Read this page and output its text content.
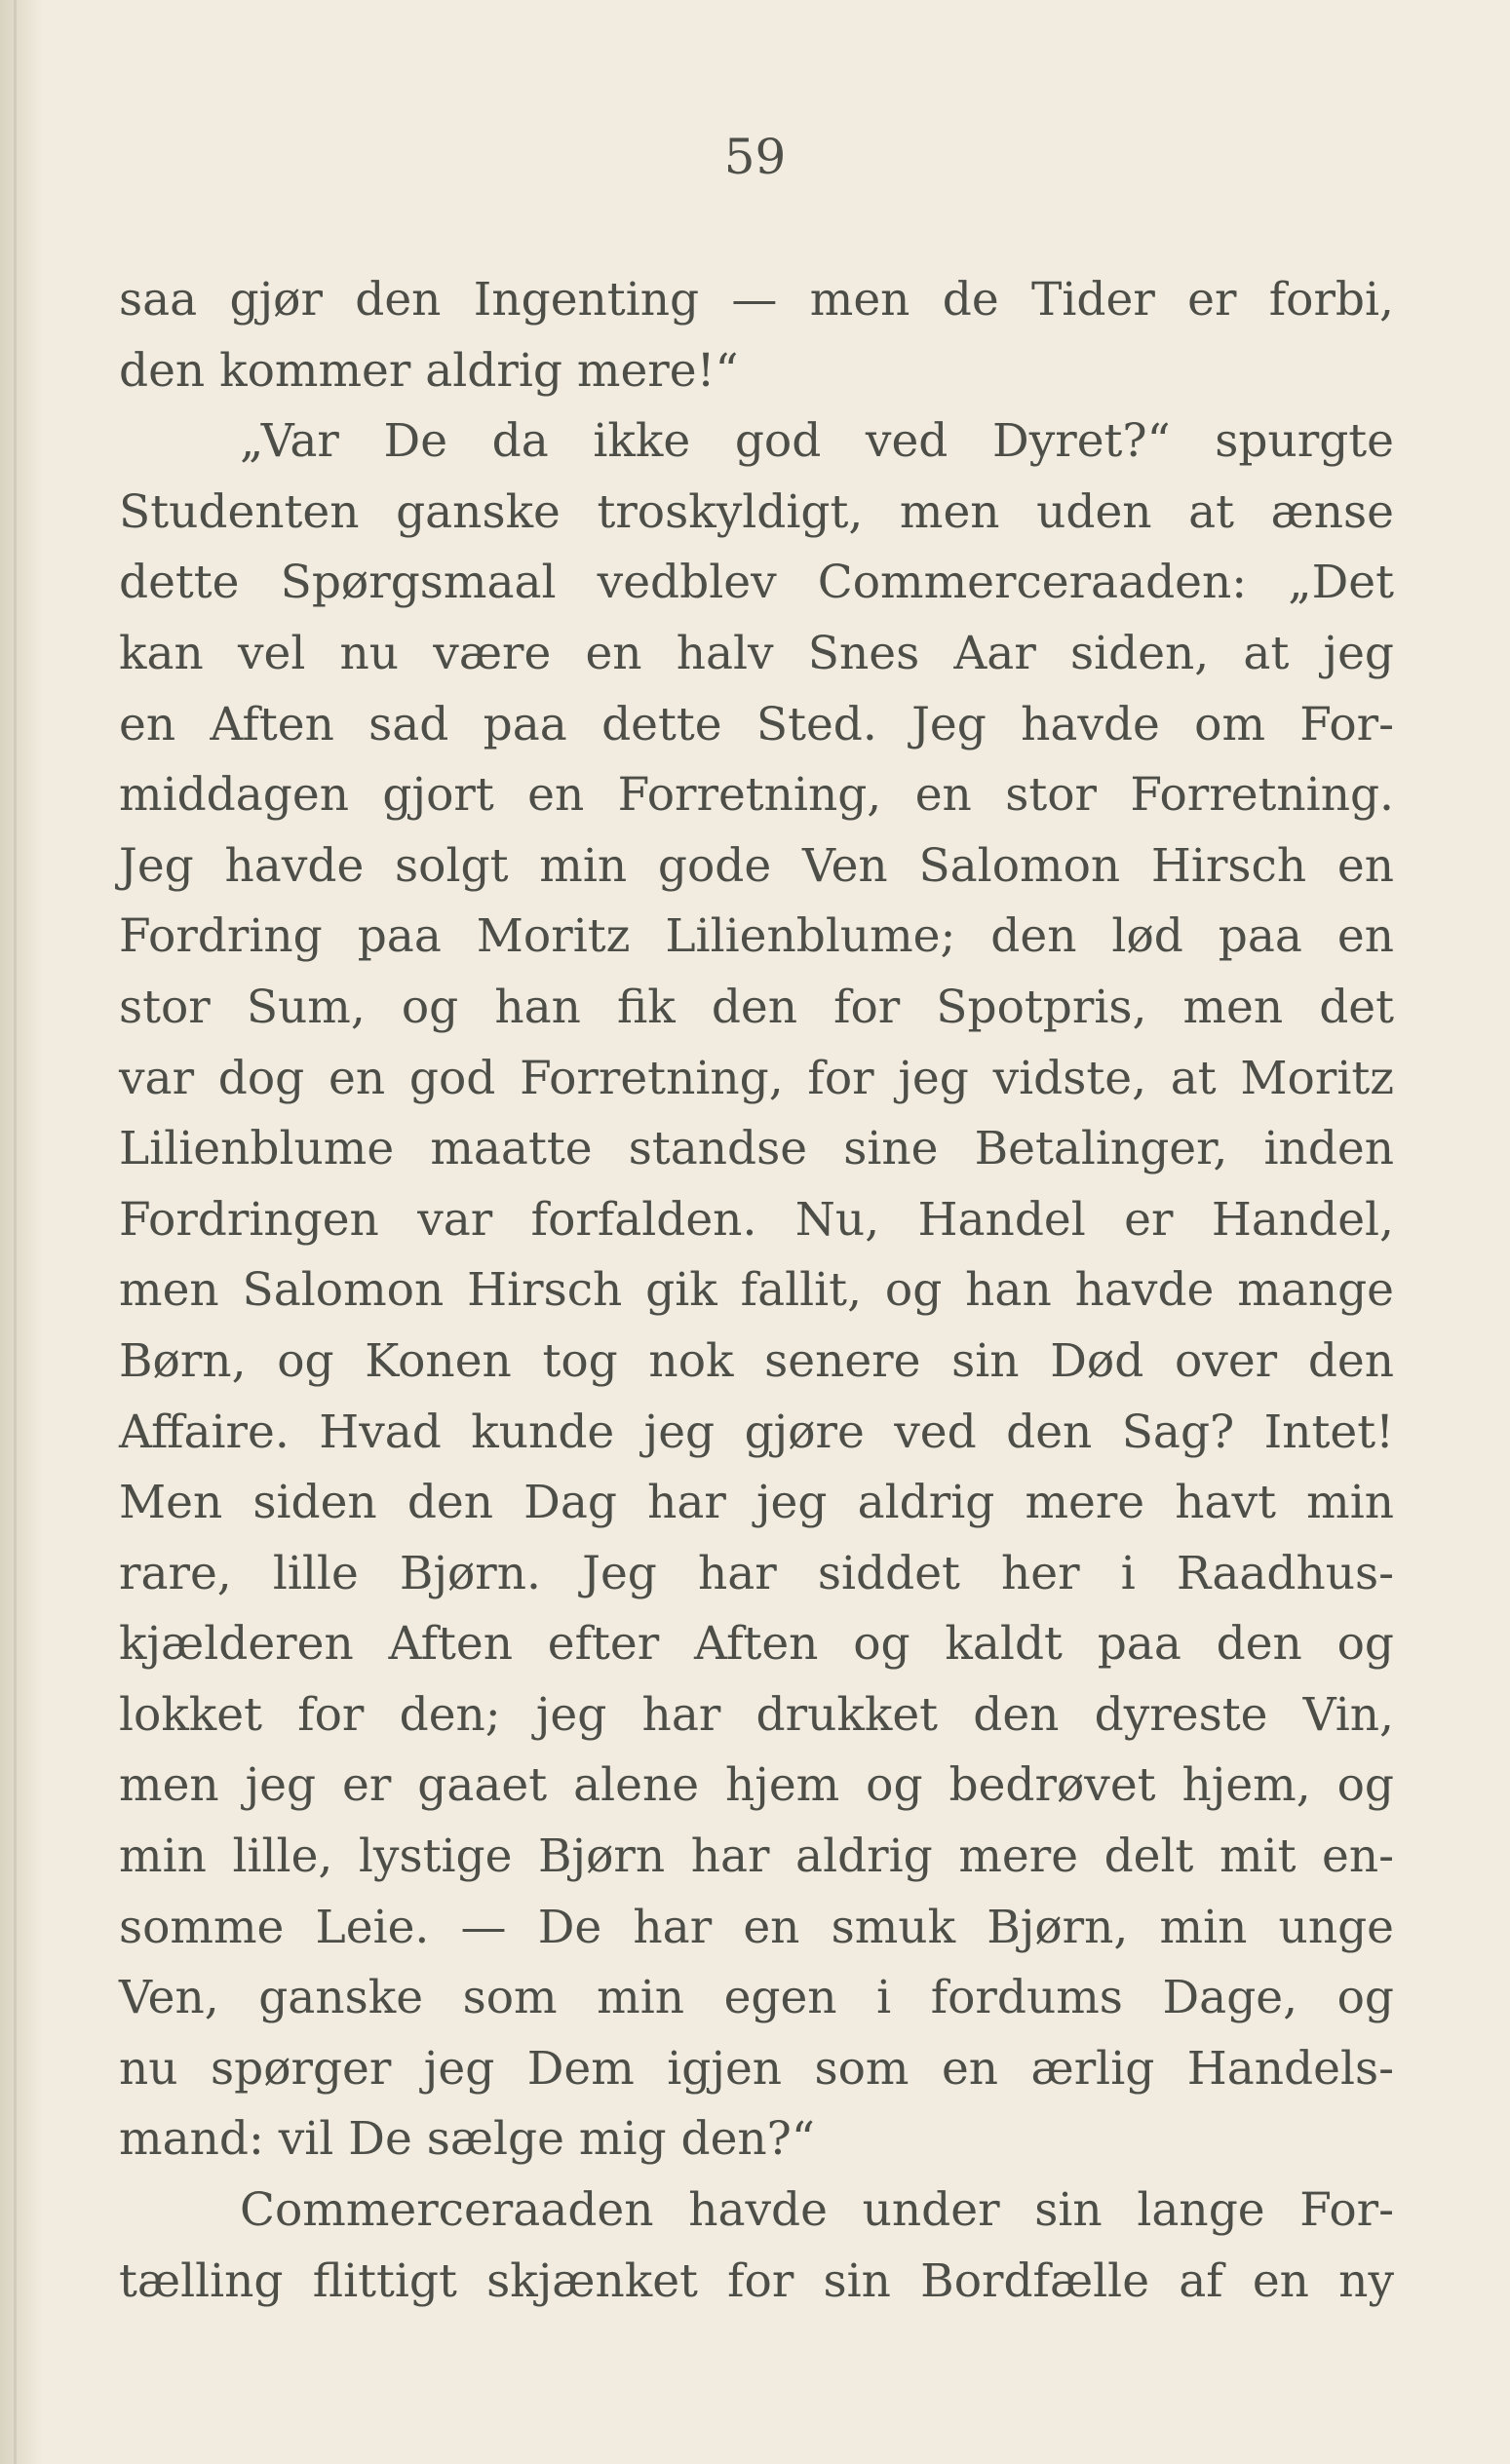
59
saa gjør den Ingenting — men de Tider er forbi,
den kommer aldrig mere!“
„Var De da ikke god ved Dyret?“ spurgte
Studenten ganske troskyldigt, men uden at ænse
dette Spørgsmaal vedblev Commerceraaden: „Det
kan vel nu være en halv Snes Aar siden, at jeg
en Aften sad paa dette Sted. Jeg havde om For-
middagen gjort en Forretning, en stor Forretning.
Jeg havde solgt min gode Ven Salomon Hirsch en
Fordring paa Moritz Lilienblume; den lød paa en
stor Sum, og han fik den for Spotpris, men det
var dog en god Forretning, for jeg vidste, at Moritz
Lilienblume maatte standse sine Betalinger, inden
Fordringen var forfalden. Nu, Handel er Handel,
men Salomon Hirsch gik fallit, og han havde mange
Børn, og Konen tog nok senere sin Død over den
Affaire. Hvad kunde jeg gjøre ved den Sag? Intet!
Men siden den Dag har jeg aldrig mere havt min
rare, lille Bjørn. Jeg har siddet her i Raadhus-
kjælderen Aften efter Aften og kaldt paa den og
lokket for den; jeg har drukket den dyreste Vin,
men jeg er gaaet alene hjem og bedrøvet hjem, og
min lille, lystige Bjørn har aldrig mere delt mit en-
somme Leie. — De har en smuk Bjørn, min unge
Ven, ganske som min egen i fordums Dage, og
nu spørger jeg Dem igjen som en ærlig Handels-
mand: vil De sælge mig den?“
Commerceraaden havde under sin lange For-
tælling flittigt skjænket for sin Bordfælle af en ny
